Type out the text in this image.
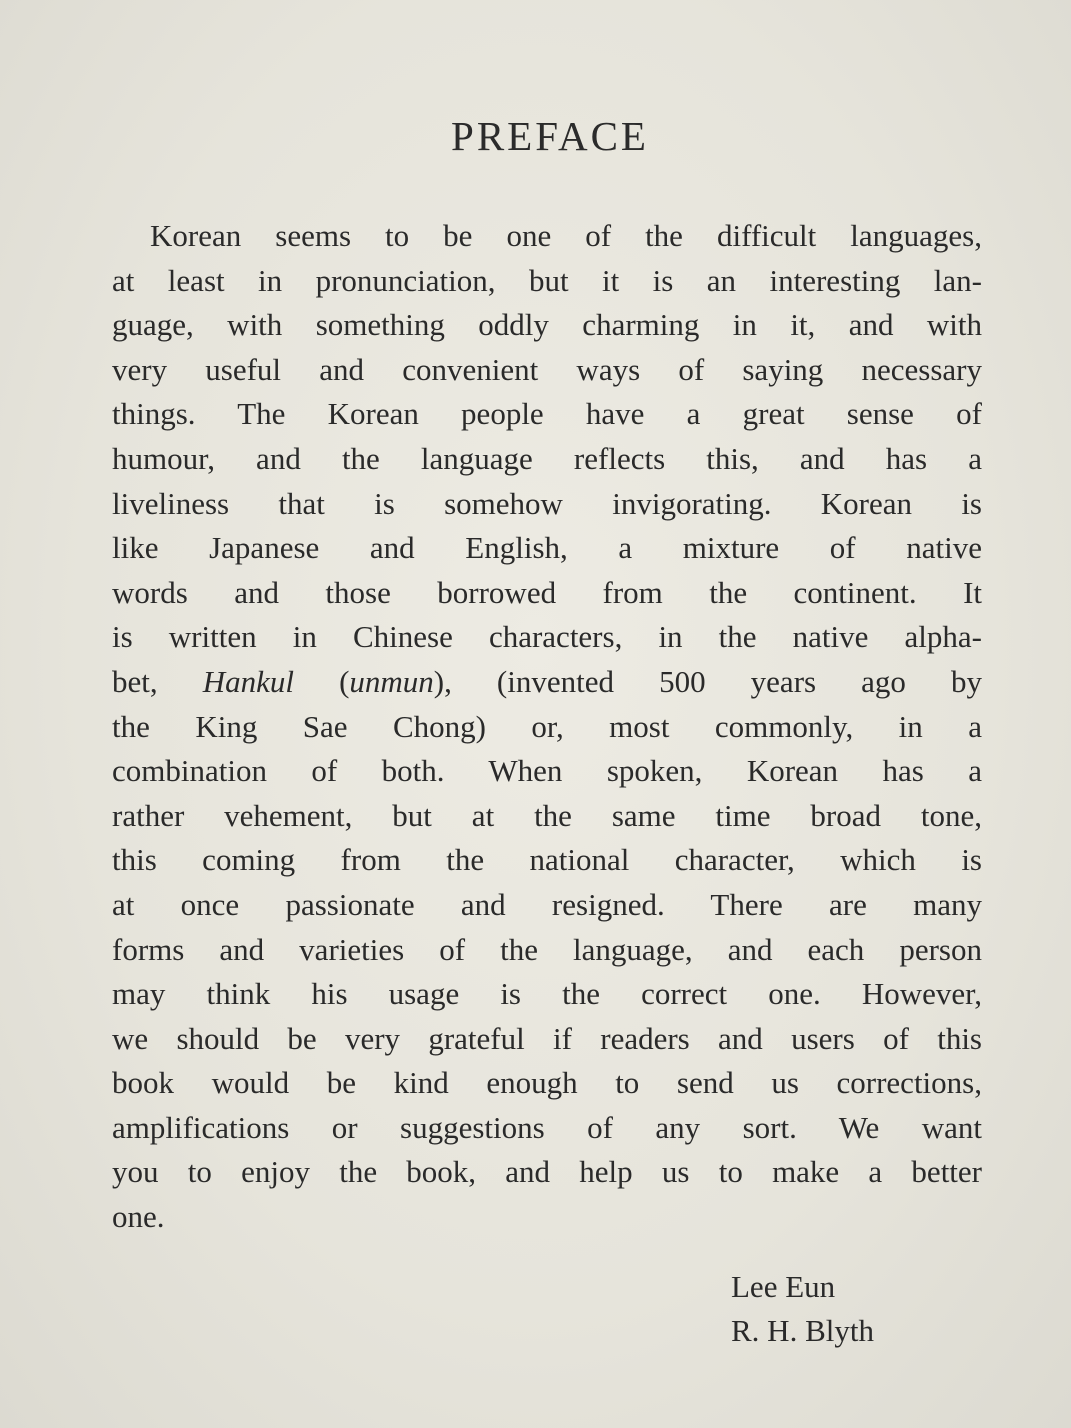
PREFACE
Korean seems to be one of the difficult languages,
at least in pronunciation, but it is an interesting lan-
guage, with something oddly charming in it, and with
very useful and convenient ways of saying necessary
things. The Korean people have a great sense of
humour, and the language reflects this, and has a
liveliness that is somehow invigorating. Korean is
like Japanese and English, a mixture of native
words and those borrowed from the continent. It
is written in Chinese characters, in the native alpha-
bet, Hankul (unmun), (invented 500 years ago by
the King Sae Chong) or, most commonly, in a
combination of both. When spoken, Korean has a
rather vehement, but at the same time broad tone,
this coming from the national character, which is
at once passionate and resigned. There are many
forms and varieties of the language, and each person
may think his usage is the correct one. However,
we should be very grateful if readers and users of this
book would be kind enough to send us corrections,
amplifications or suggestions of any sort. We want
you to enjoy the book, and help us to make a better
one.
Lee Eun
R. H. Blyth
